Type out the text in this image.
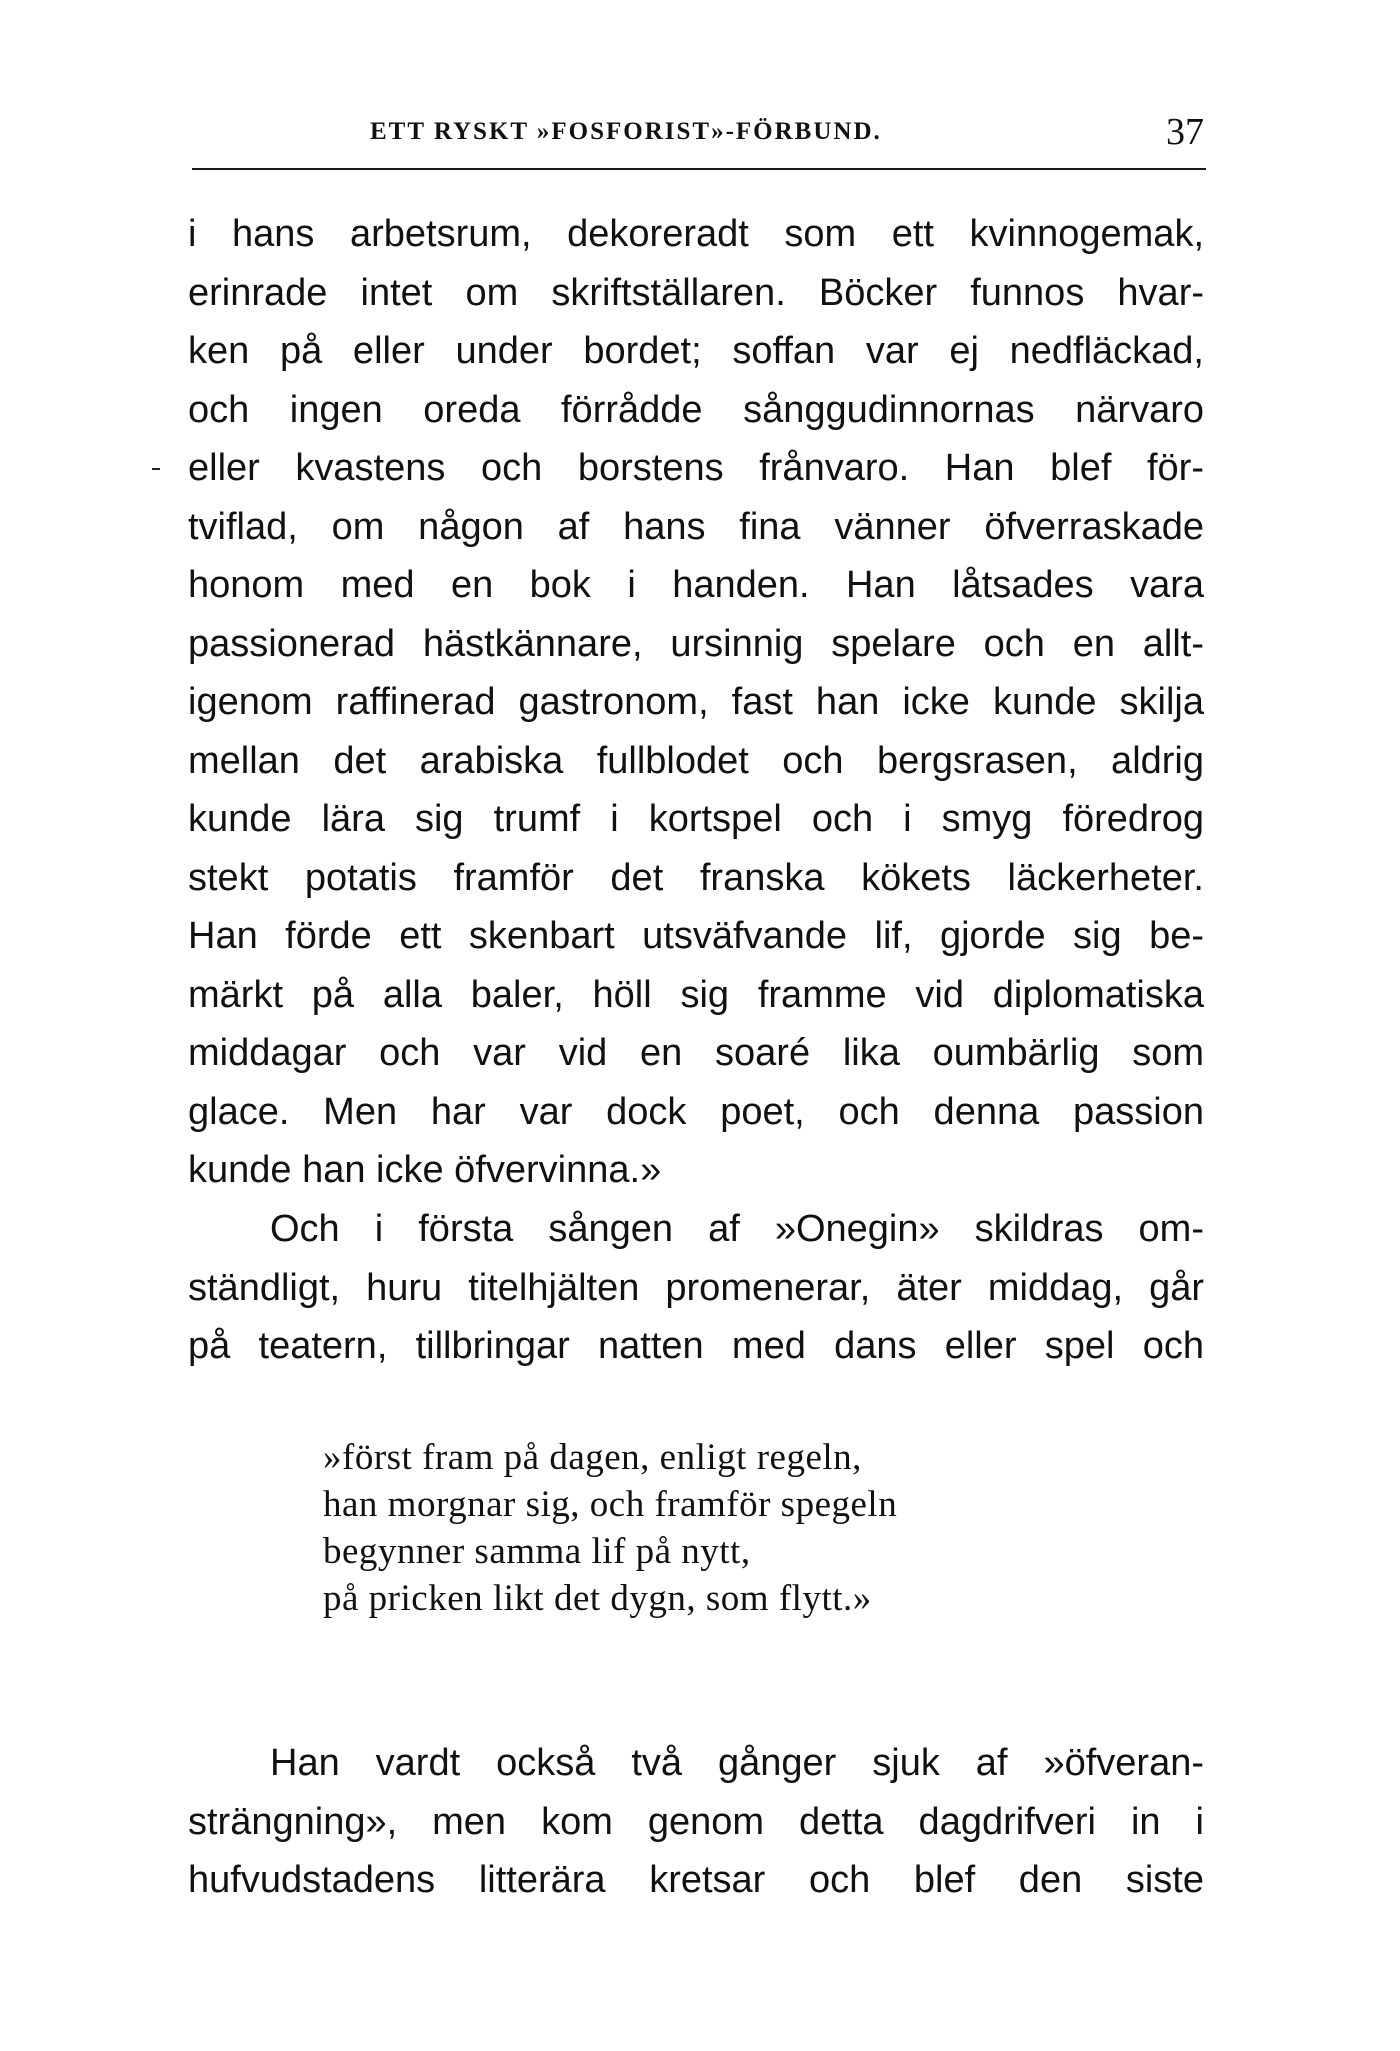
ETT RYSKT »FOSFORIST»-FÖRBUND.	37
i hans arbetsrum, dekoreradt som ett kvinnogemak,
erinrade intet om skriftställaren. Böcker funnos hvar-
ken på eller under bordet; soffan var ej nedfläckad,
och ingen oreda förrådde sånggudinnornas närvaro
eller kvastens och borstens frånvaro. Han blef för-
tviflad, om någon af hans fina vänner öfverraskade
honom med en bok i handen. Han låtsades vara
passionerad hästkännare, ursinnig spelare och en allt-
igenom raffinerad gastronom, fast han icke kunde skilja
mellan det arabiska fullblodet och bergsrasen, aldrig
kunde lära sig trumf i kortspel och i smyg föredrog
stekt potatis framför det franska kökets läckerheter.
Han förde ett skenbart utsväfvande lif, gjorde sig be-
märkt på alla baler, höll sig framme vid diplomatiska
middagar och var vid en soaré lika oumbärlig som
glace. Men har var dock poet, och denna passion
kunde han icke öfvervinna.»
Och i första sången af »Onegin» skildras om-
ständligt, huru titelhjälten promenerar, äter middag, går
på teatern, tillbringar natten med dans eller spel och
»först fram på dagen, enligt regeln,
han morgnar sig, och framför spegeln
begynner samma lif på nytt,
på pricken likt det dygn, som flytt.»
Han vardt också två gånger sjuk af »öfveran-
strängning», men kom genom detta dagdrifveri in i
hufvudstadens litterära kretsar och blef den siste
